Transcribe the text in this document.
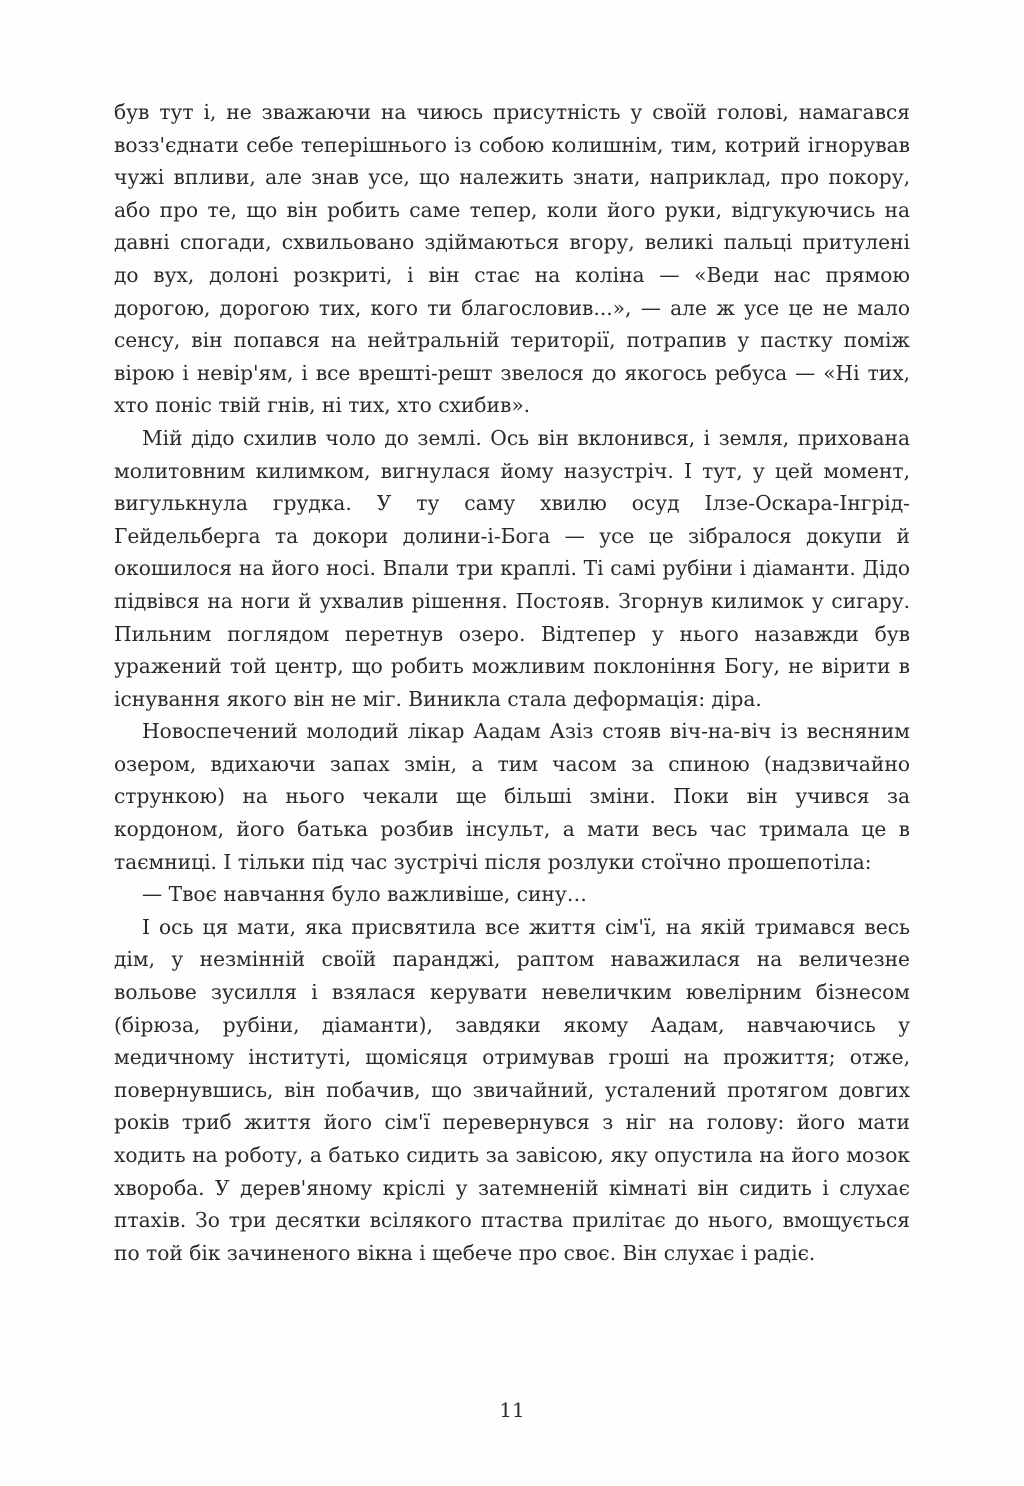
був тут і, не зважаючи на чиюсь присутність у своїй голові, намагався возз'єднати себе теперішнього із собою колишнім, тим, котрий ігнорував чужі впливи, але знав усе, що належить знати, наприклад, про покору, або про те, що він робить саме тепер, коли його руки, відгукуючись на давні спогади, схвильовано здіймаються вгору, великі пальці притулені до вух, долоні розкриті, і він стає на коліна — «Веди нас прямою дорогою, дорогою тих, кого ти благословив...», — але ж усе це не мало сенсу, він попався на нейтральній території, потрапив у пастку поміж вірою і невір'ям, і все врешті-решт звелося до якогось ребуса — «Ні тих, хто поніс твій гнів, ні тих, хто схибив».

Мій дідо схилив чоло до землі. Ось він вклонився, і земля, прихована молитовним килимком, вигнулася йому назустріч. І тут, у цей момент, вигулькнула грудка. У ту саму хвилю осуд Ілзе-Оскара-Інгрід-Гейдельберга та докори долини-і-Бога — усе це зібралося докупи й окошилося на його носі. Впали три краплі. Ті самі рубіни і діаманти. Дідо підвівся на ноги й ухвалив рішення. Постояв. Згорнув килимок у сигару. Пильним поглядом перетнув озеро. Відтепер у нього назавжди був уражений той центр, що робить можливим поклоніння Богу, не вірити в існування якого він не міг. Виникла стала деформація: діра.

Новоспечений молодий лікар Аадам Азіз стояв віч-на-віч із весняним озером, вдихаючи запах змін, а тим часом за спиною (надзвичайно стрункою) на нього чекали ще більші зміни. Поки він учився за кордоном, його батька розбив інсульт, а мати весь час тримала це в таємниці. І тільки під час зустрічі після розлуки стоїчно прошепотіла:

— Твоє навчання було важливіше, сину…

І ось ця мати, яка присвятила все життя сім'ї, на якій тримався весь дім, у незмінній своїй паранджі, раптом наважилася на величезне вольове зусилля і взялася керувати невеличким ювелірним бізнесом (бірюза, рубіни, діаманти), завдяки якому Аадам, навчаючись у медичному інституті, щомісяця отримував гроші на прожиття; отже, повернувшись, він побачив, що звичайний, усталений протягом довгих років триб життя його сім'ї перевернувся з ніг на голову: його мати ходить на роботу, а батько сидить за завісою, яку опустила на його мозок хвороба. У дерев'яному кріслі у затемненій кімнаті він сидить і слухає птахів. Зо три десятки всілякого птаства прилітає до нього, вмощується по той бік зачиненого вікна і щебече про своє. Він слухає і радіє.

11
